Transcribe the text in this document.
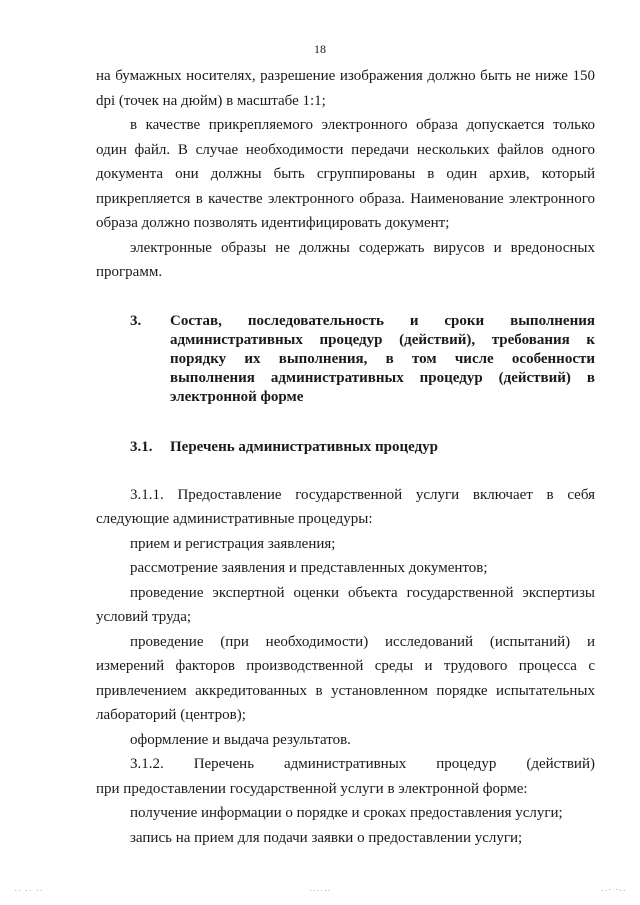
18

на бумажных носителях, разрешение изображения должно быть не ниже 150 dpi (точек на дюйм) в масштабе 1:1;

в качестве прикрепляемого электронного образа допускается только один файл. В случае необходимости передачи нескольких файлов одного документа они должны быть сгруппированы в один архив, который прикрепляется в качестве электронного образа. Наименование электронного образа должно позволять идентифицировать документ;

электронные образы не должны содержать вирусов и вредоносных программ.

3.	Состав, последовательность и сроки выполнения административных процедур (действий), требования к порядку их выполнения, в том числе особенности выполнения административных процедур (действий) в электронной форме
3.1.	Перечень административных процедур

3.1.1. Предоставление государственной услуги включает в себя следующие административные процедуры:

прием и регистрация заявления;

рассмотрение заявления и представленных документов;

проведение экспертной оценки объекта государственной экспертизы условий труда;

проведение (при необходимости) исследований (испытаний) и измерений факторов производственной среды и трудового процесса с привлечением аккредитованных в установленном порядке испытательных лабораторий (центров);

оформление и выдача результатов.

3.1.2. Перечень административных процедур (действий)

при предоставлении государственной услуги в электронной форме:

получение информации о порядке и сроках предоставления услуги;

запись на прием для подачи заявки о предоставлении услуги;

.. .. ..	......	..- -..
